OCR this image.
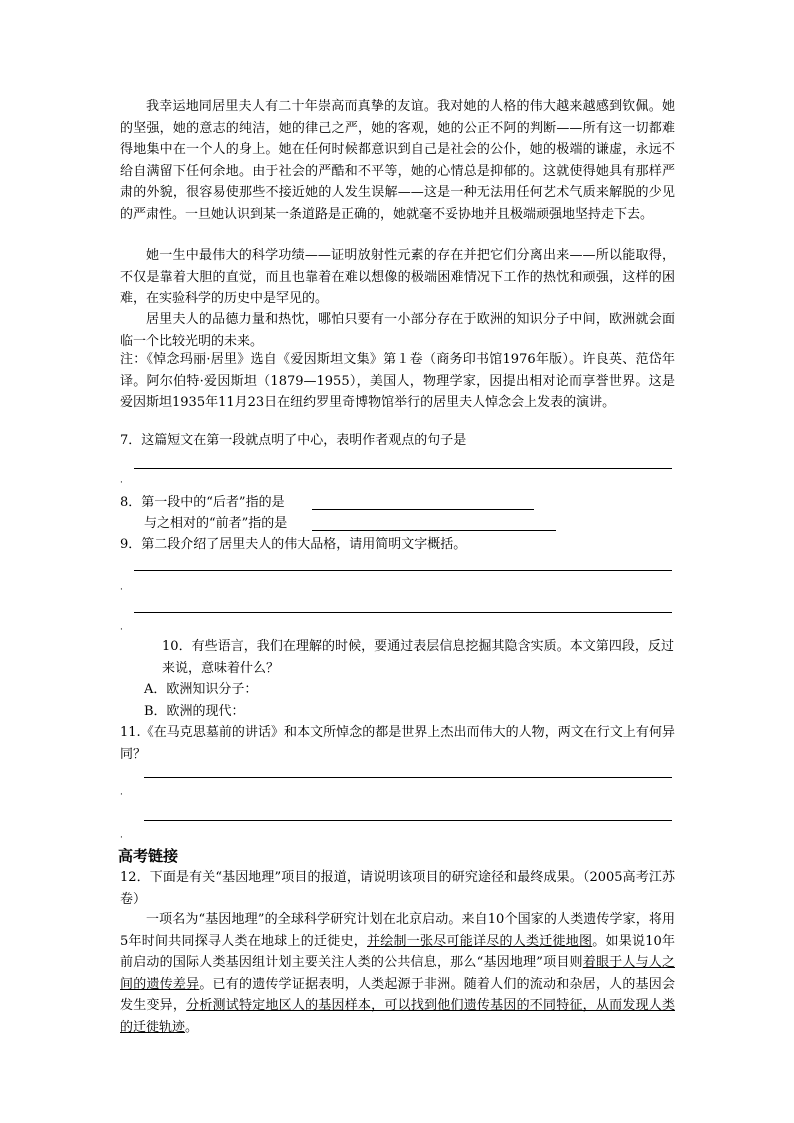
我幸运地同居里夫人有二十年崇高而真挚的友谊。我对她的人格的伟大越来越感到钦佩。她的坚强，她的意志的纯洁，她的律己之严，她的客观，她的公正不阿的判断——所有这一切都难得地集中在一个人的身上。她在任何时候都意识到自己是社会的公仆，她的极端的谦虚，永远不给自满留下任何余地。由于社会的严酷和不平等，她的心情总是抑郁的。这就使得她具有那样严肃的外貌，很容易使那些不接近她的人发生误解——这是一种无法用任何艺术气质来解脱的少见的严肃性。一旦她认识到某一条道路是正确的，她就毫不妥协地并且极端顽强地坚持走下去。

她一生中最伟大的科学功绩——证明放射性元素的存在并把它们分离出来——所以能取得，不仅是靠着大胆的直觉，而且也靠着在难以想像的极端困难情况下工作的热忱和顽强，这样的困难，在实验科学的历史中是罕见的。

居里夫人的品德力量和热忱，哪怕只要有一小部分存在于欧洲的知识分子中间，欧洲就会面临一个比较光明的未来。

注：《悼念玛丽·居里》选自《爱因斯坦文集》第１卷（商务印书馆1976年版）。许良英、范岱年译。阿尔伯特·爱因斯坦（1879—1955），美国人，物理学家，因提出相对论而享誉世界。这是爱因斯坦1935年11月23日在纽约罗里奇博物馆举行的居里夫人悼念会上发表的演讲。

7．这篇短文在第一段就点明了中心，表明作者观点的句子是

·

8．第一段中的“后者”指的是

与之相对的“前者”指的是

9．第二段介绍了居里夫人的伟大品格，请用简明文字概括。

·
·

10．有些语言，我们在理解的时候，要通过表层信息挖掘其隐含实质。本文第四段，反过来说，意味着什么？

A．欧洲知识分子：

B．欧洲的现代：

11.《在马克思墓前的讲话》和本文所悼念的都是世界上杰出而伟大的人物，两文在行文上有何异同？

·
·
高考链接

12．下面是有关“基因地理”项目的报道，请说明该项目的研究途径和最终成果。（2005高考江苏卷）

一项名为“基因地理”的全球科学研究计划在北京启动。来自10个国家的人类遗传学家，将用5年时间共同探寻人类在地球上的迁徙史，并绘制一张尽可能详尽的人类迁徙地图。如果说10年前启动的国际人类基因组计划主要关注人类的公共信息，那么“基因地理”项目则着眼于人与人之间的遗传差异。已有的遗传学证据表明，人类起源于非洲。随着人们的流动和杂居，人的基因会发生变异，分析测试特定地区人的基因样本，可以找到他们遗传基因的不同特征，从而发现人类的迁徙轨迹。
